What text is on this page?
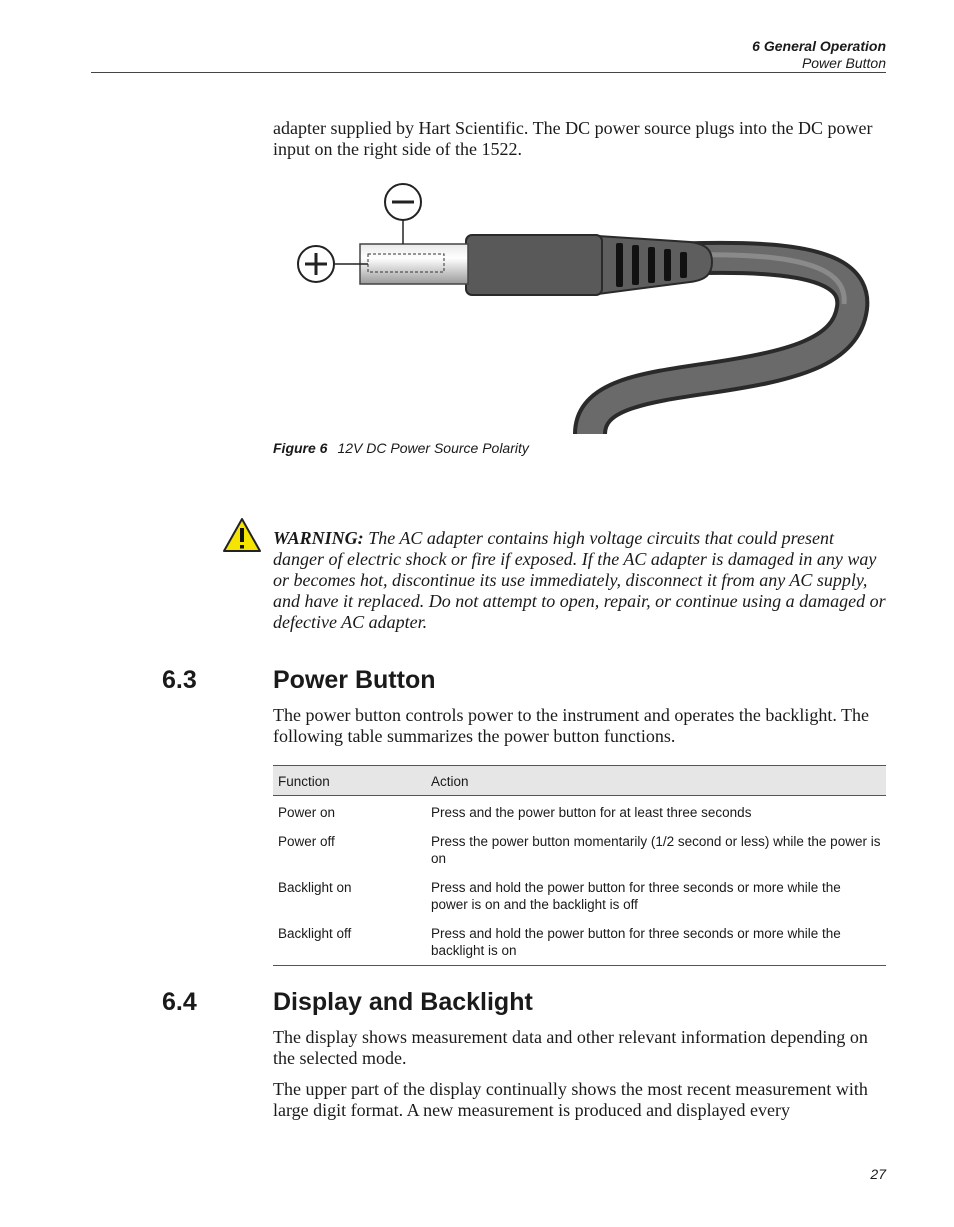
6 General Operation
Power Button

adapter supplied by Hart Scientific. The DC power source plugs into the DC power input on the right side of the 1522.

Figure 6 12V DC Power Source Polarity

WARNING: The AC adapter contains high voltage circuits that could present danger of electric shock or fire if exposed. If the AC adapter is damaged in any way or becomes hot, discontinue its use immediately, disconnect it from any AC supply, and have it replaced. Do not attempt to open, repair, or continue using a damaged or defective AC adapter.

6.3	Power Button

The power button controls power to the instrument and operates the backlight. The following table summarizes the power button functions.

Function	Action
Power on	Press and the power button for at least three seconds
Power off	Press the power button momentarily (1/2 second or less) while the power is on
Backlight on	Press and hold the power button for three seconds or more while the power is on and the backlight is off
Backlight off	Press and hold the power button for three seconds or more while the backlight is on
6.4	Display and Backlight

The display shows measurement data and other relevant information depending on the selected mode.

The upper part of the display continually shows the most recent measurement with large digit format. A new measurement is produced and displayed every

27
